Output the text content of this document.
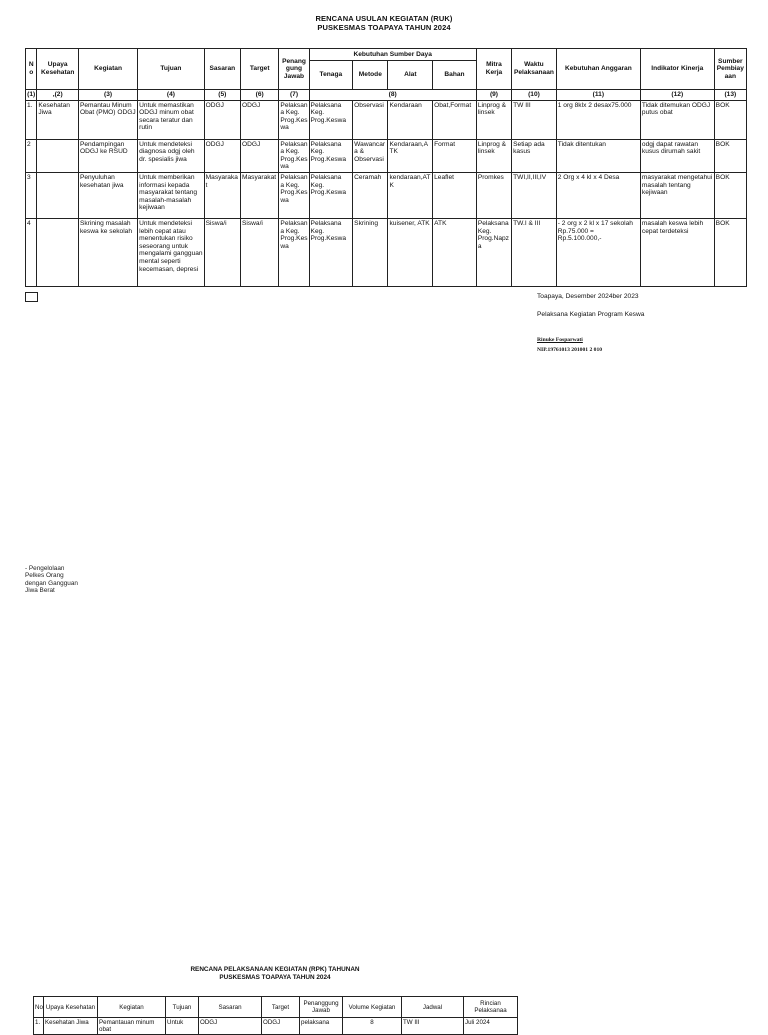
RENCANA USULAN KEGIATAN (RUK)
PUSKESMAS TOAPAYA TAHUN 2024
No	Upaya Kesehatan	Kegiatan	Tujuan	Sasaran	Target	Penanggung Jawab	Kebutuhan Sumber Daya				Mitra Kerja	Waktu Pelaksanaan	Kebutuhan Anggaran	Indikator Kinerja	Sumber Pembiayaan
							Tenaga	Metode	Alat	Bahan					
(1)	,(2)	(3)	(4)	(5)	(6)	(7)	(8)				(9)	(10)	(11)	(12)	(13)
1.	Kesehatan Jiwa	Pemantau Minum Obat (PMO) ODGJ	Untuk memastikan ODGJ minum obat secara teratur dan rutin	ODGJ	ODGJ	Pelaksana Keg. Prog.Keswa	Pelaksana Keg. Prog.Keswa	Observasi	Kendaraan	Obat,Format	Linprog & linsek	TW III	1 org 8klx 2 desax75.000	Tidak ditemukan ODGJ putus obat	BOK
2		Pendampingan ODGJ ke RSUD	Untuk mendeteksi diagnosa odgj oleh dr. spesialis jiwa	ODGJ	ODGJ	Pelaksana Keg. Prog.Keswa	Pelaksana Keg. Prog.Keswa	Wawancara & Observasi	Kendaraan,ATK	Format	Linprog & linsek	Setiap ada kasus	Tidak ditentukan	odgj dapat rawatan kusus dirumah sakit	BOK
3		Penyuluhan kesehatan jiwa	Untuk memberikan informasi kepada masyarakat tentang masalah-masalah kejiwaan	Masyarakat	Masyarakat	Pelaksana Keg. Prog.Keswa	Pelaksana Keg. Prog.Keswa	Ceramah	kendaraan,ATK	Leaflet	Promkes	TWI,II,III,IV	2 Org x 4 kl x 4 Desa	masyarakat mengetahui masalah tentang kejiwaan	BOK
4		Skrining masalah keswa ke sekolah	Untuk mendeteksi lebih cepat atau menentukan risiko seseorang untuk mengalami gangguan mental seperti kecemasan, depresi	Siswa/i	Siswa/i	Pelaksana Keg. Prog.Keswa	Pelaksana Keg. Prog.Keswa	Skrining	kuisener, ATK	ATK	Pelaksana Keg. Prog.Napza	TW.I & III	- 2 org x 2 kl x 17 sekolah Rp.75.000 = Rp.5.100.000,-	masalah keswa lebih cepat terdeteksi	BOK
Toapaya, Desember 2024ber 2023
Pelaksana Kegiatan Program Keswa
Rinuke Fosparwati
NIP.19761013 201001 2 010
- Pengelolaan
Pelkes Orang
dengan Gangguan
Jiwa Berat
RENCANA PELAKSANAAN KEGIATAN (RPK) TAHUNAN
PUSKESMAS TOAPAYA TAHUN 2024
No	Upaya Kesehatan	Kegiatan	Tujuan	Sasaran	Target	Penanggung Jawab	Volume Kegiatan	Jadwal	Rincian Pelaksanaa
1.	Kesehatan Jiwa	Pemantauan minum obat	Untuk	ODGJ	ODGJ	pelaksana	8	TW III	Juli 2024
